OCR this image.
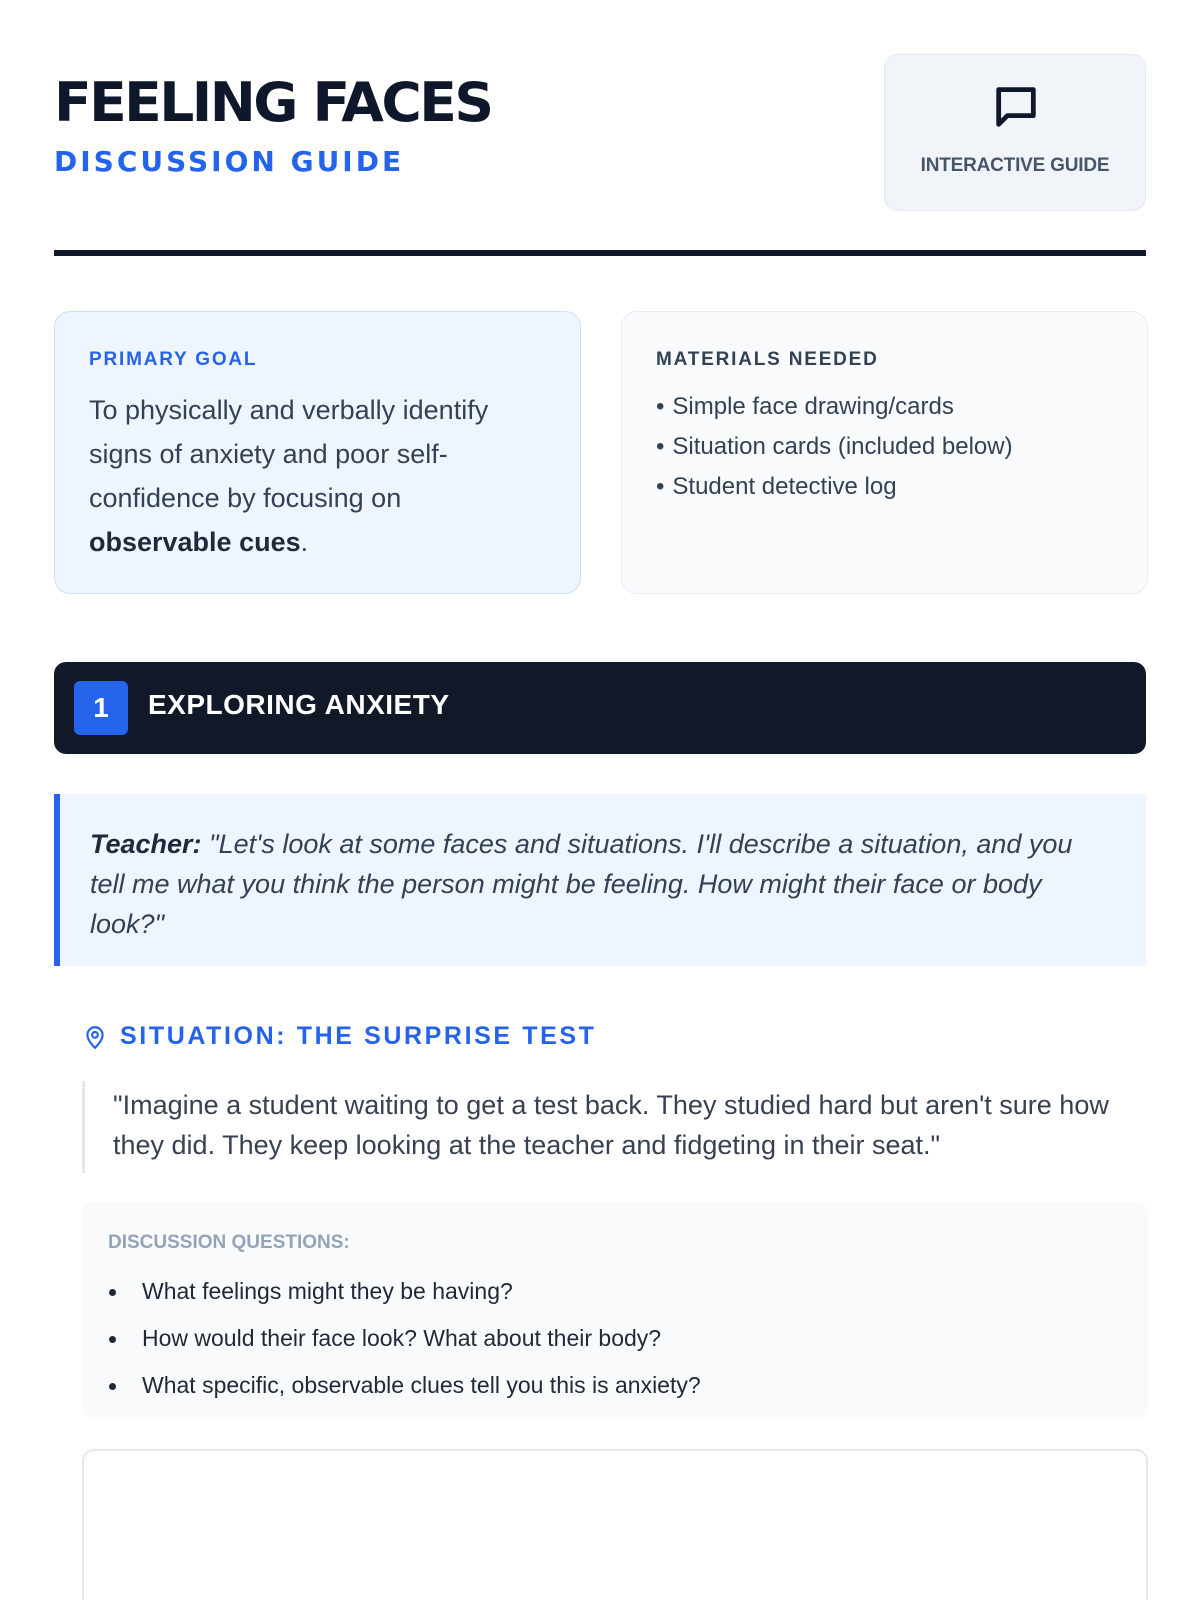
FEELING FACES
DISCUSSION GUIDE	INTERACTIVE GUIDE
PRIMARY GOAL

To physically and verbally identify signs of anxiety and poor self-confidence by focusing on observable cues.

MATERIALS NEEDED
• Simple face drawing/cards
• Situation cards (included below)
• Student detective log
1	EXPLORING ANXIETY

Teacher: "Let's look at some faces and situations. I'll describe a situation, and you tell me what you think the person might be feeling. How might their face or body look?"

SITUATION: THE SURPRISE TEST

"Imagine a student waiting to get a test back. They studied hard but aren't sure how they did. They keep looking at the teacher and fidgeting in their seat."

DISCUSSION QUESTIONS:
What feelings might they be having?
How would their face look? What about their body?
What specific, observable clues tell you this is anxiety?
